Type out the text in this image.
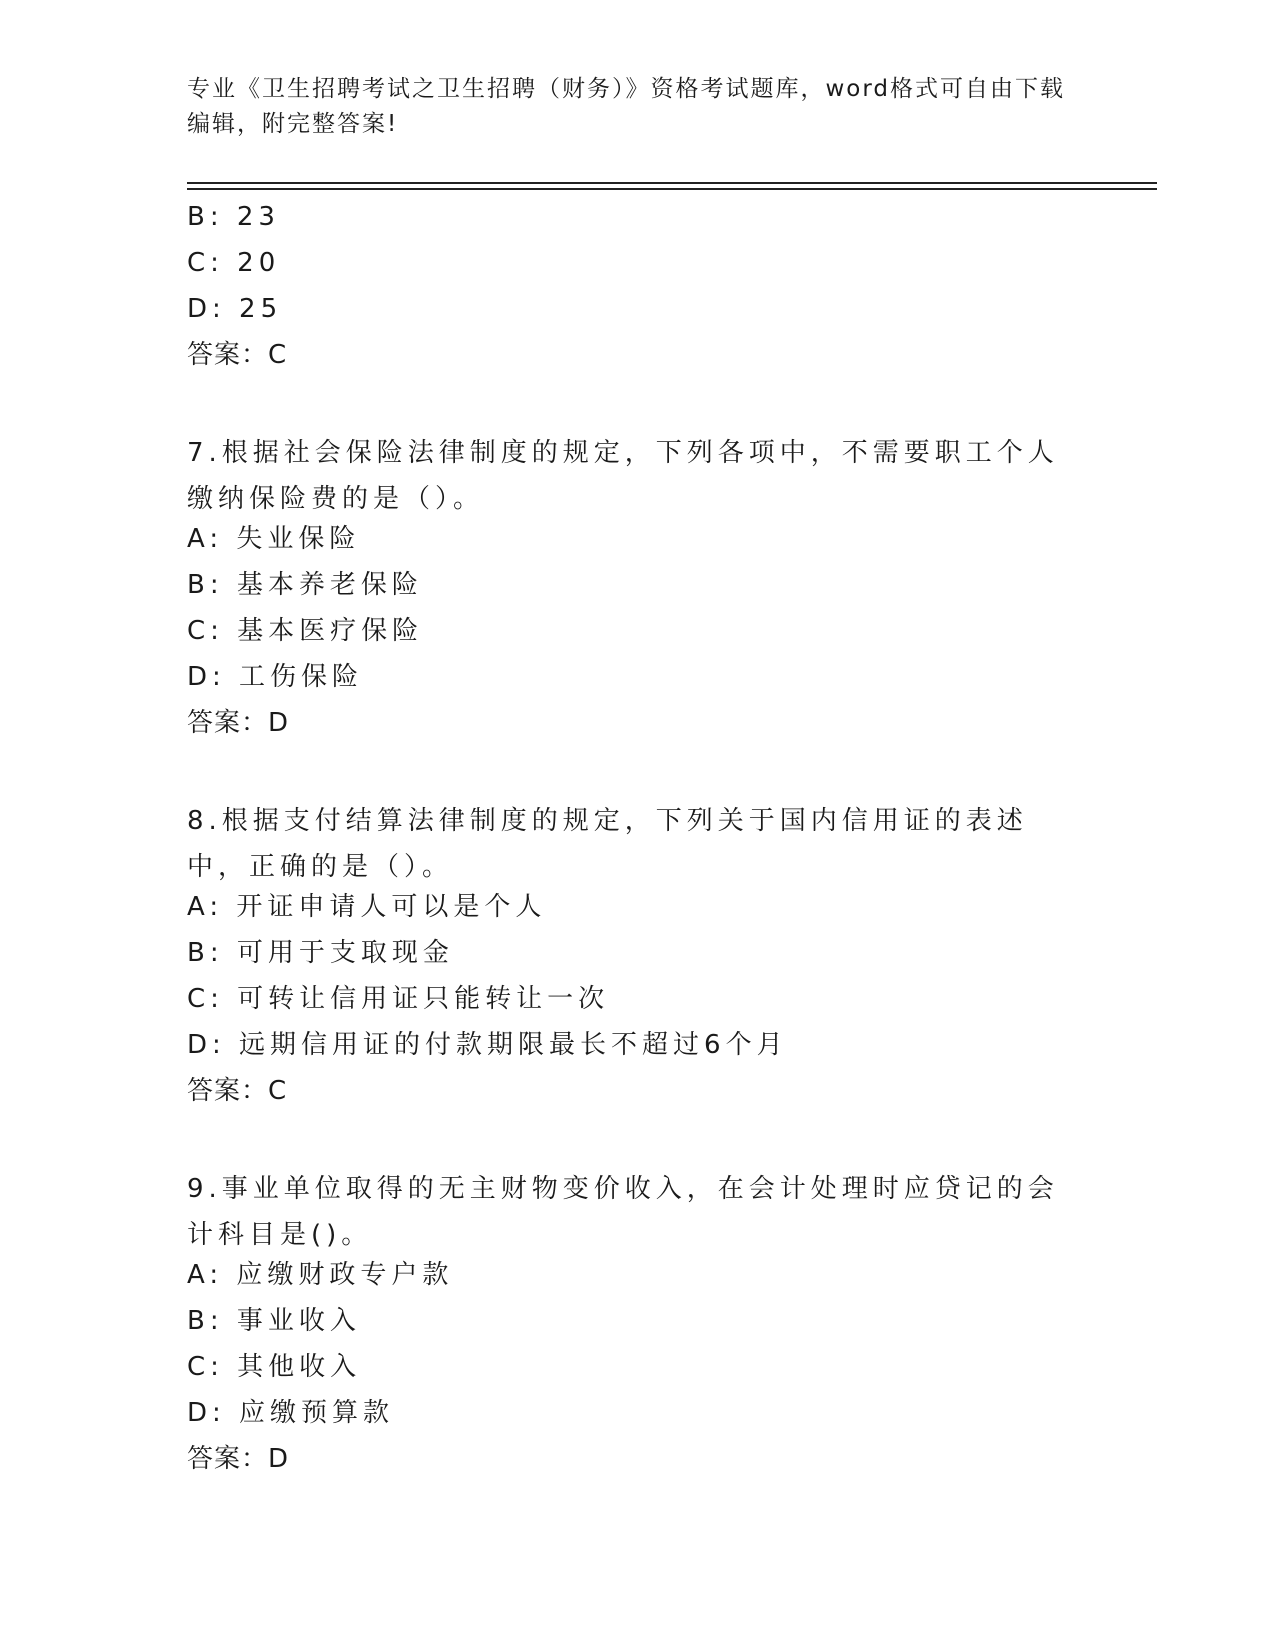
专业《卫生招聘考试之卫生招聘（财务）》资格考试题库，word格式可自由下载编辑，附完整答案!

B: 23
C: 20
D: 25
答案：C
7.根据社会保险法律制度的规定，下列各项中，不需要职工个人缴纳保险费的是（）。
A: 失业保险
B: 基本养老保险
C: 基本医疗保险
D: 工伤保险
答案：D
8.根据支付结算法律制度的规定，下列关于国内信用证的表述中，正确的是（）。
A: 开证申请人可以是个人
B: 可用于支取现金
C: 可转让信用证只能转让一次
D: 远期信用证的付款期限最长不超过6个月
答案：C
9.事业单位取得的无主财物变价收入，在会计处理时应贷记的会计科目是()。
A: 应缴财政专户款
B: 事业收入
C: 其他收入
D: 应缴预算款
答案：D
